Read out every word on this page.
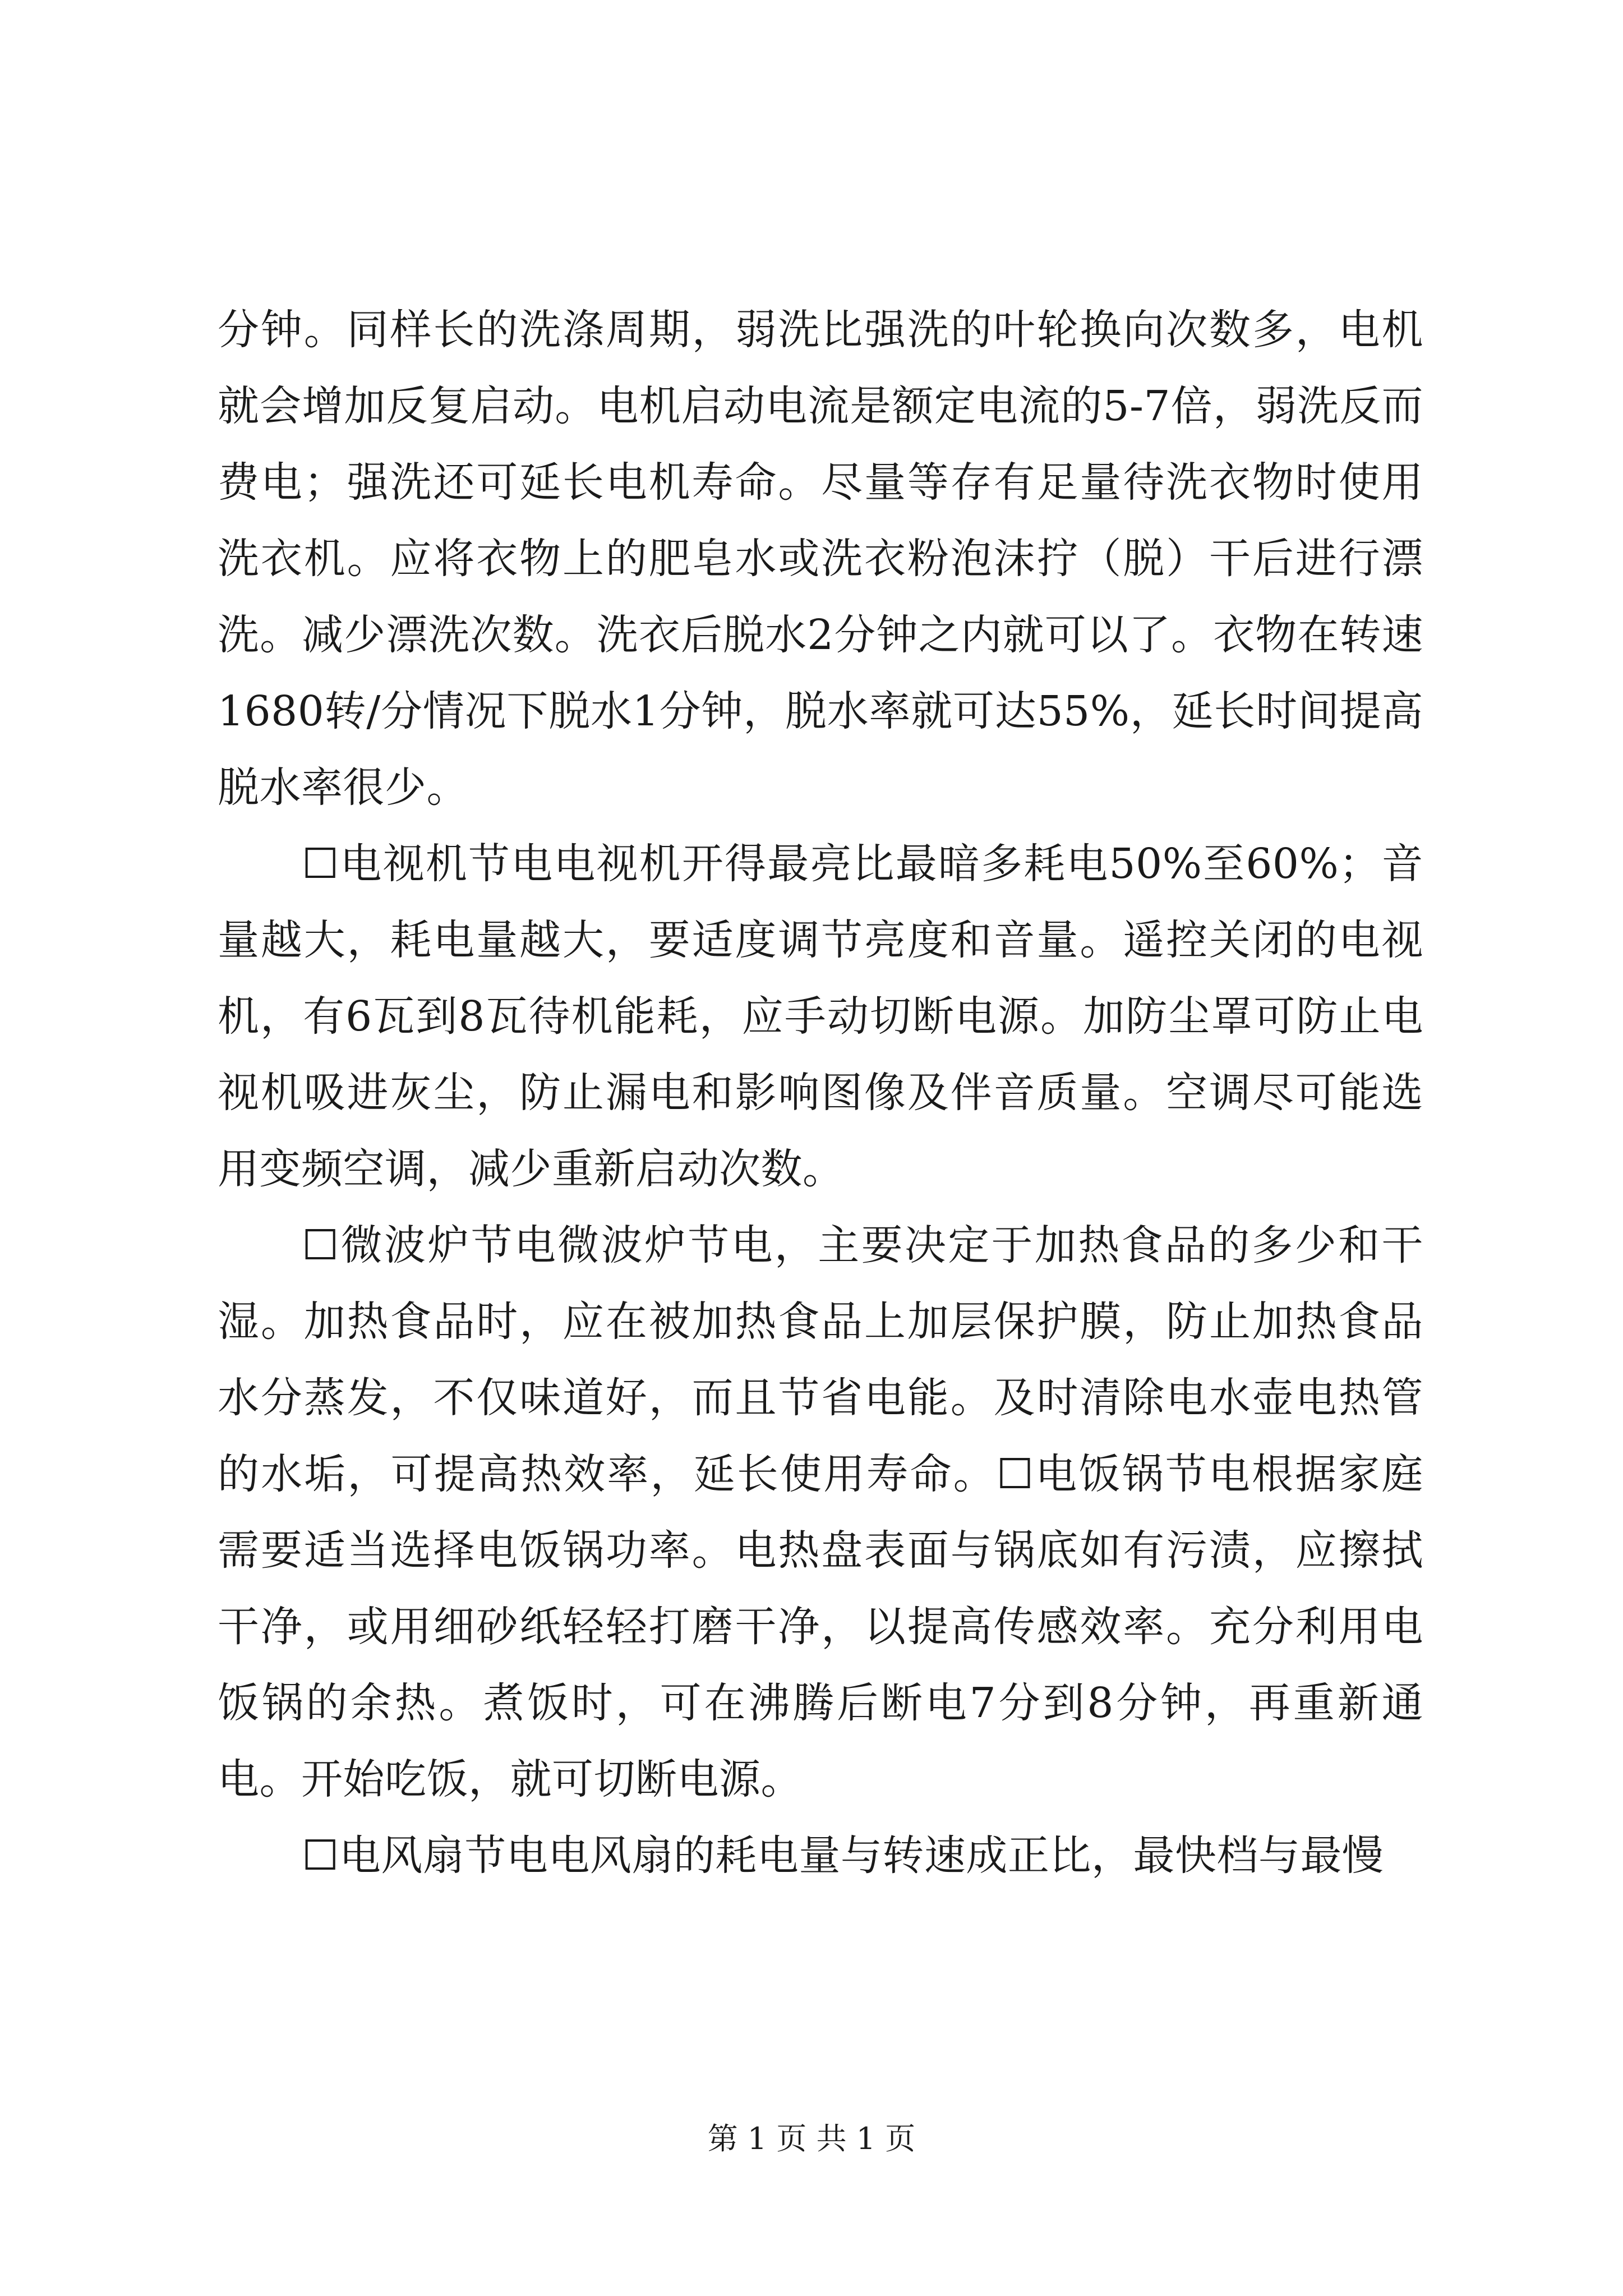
分钟。同样长的洗涤周期，弱洗比强洗的叶轮换向次数多，电机就会增加反复启动。电机启动电流是额定电流的5-7倍，弱洗反而费电；强洗还可延长电机寿命。尽量等存有足量待洗衣物时使用洗衣机。应将衣物上的肥皂水或洗衣粉泡沫拧（脱）干后进行漂洗。减少漂洗次数。洗衣后脱水2分钟之内就可以了。衣物在转速1680转/分情况下脱水1分钟，脱水率就可达55%，延长时间提高脱水率很少。

☐电视机节电电视机开得最亮比最暗多耗电50%至60%；音量越大，耗电量越大，要适度调节亮度和音量。遥控关闭的电视机，有6瓦到8瓦待机能耗，应手动切断电源。加防尘罩可防止电视机吸进灰尘，防止漏电和影响图像及伴音质量。空调尽可能选用变频空调，减少重新启动次数。

☐微波炉节电微波炉节电，主要决定于加热食品的多少和干湿。加热食品时，应在被加热食品上加层保护膜，防止加热食品水分蒸发，不仅味道好，而且节省电能。及时清除电水壶电热管的水垢，可提高热效率，延长使用寿命。☐电饭锅节电根据家庭需要适当选择电饭锅功率。电热盘表面与锅底如有污渍，应擦拭干净，或用细砂纸轻轻打磨干净，以提高传感效率。充分利用电饭锅的余热。煮饭时，可在沸腾后断电7分到8分钟，再重新通电。开始吃饭，就可切断电源。

☐电风扇节电电风扇的耗电量与转速成正比，最快档与最慢

第 1 页 共 1 页
